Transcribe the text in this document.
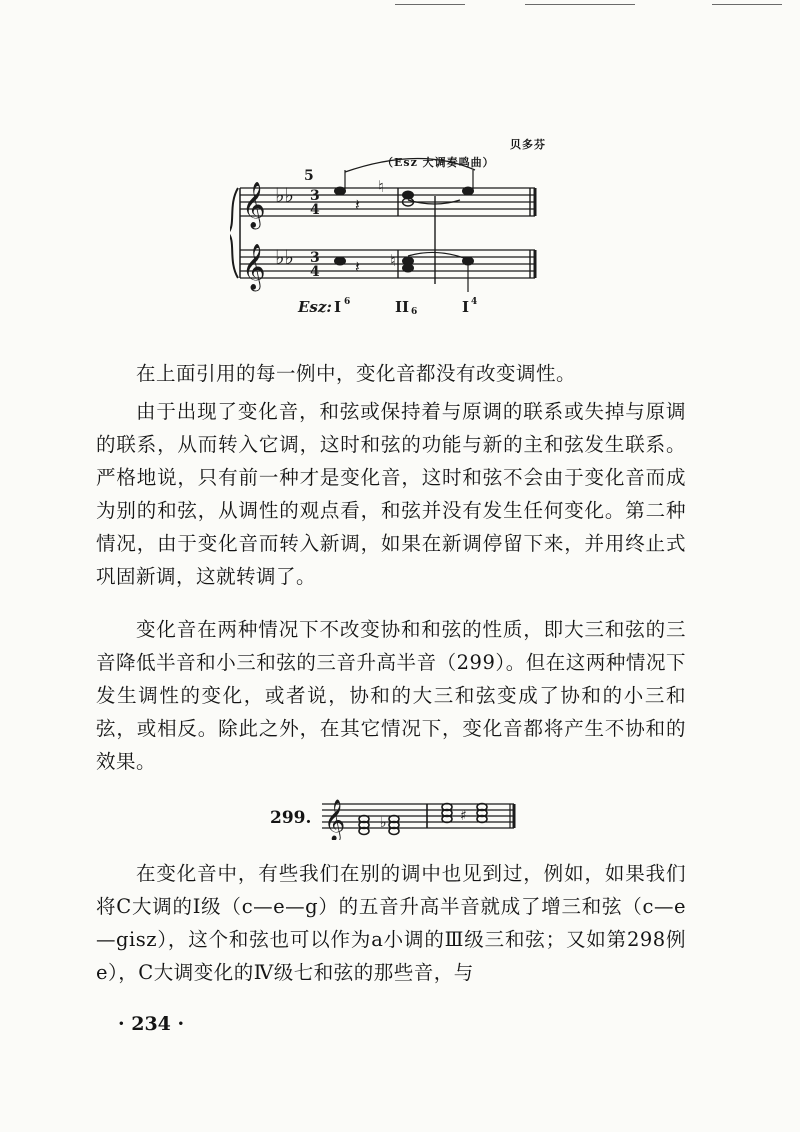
贝多芬
（Esz 大调奏鸣曲）
𝄞
𝄞
♭♭
♭♭
3
4
3
4
5
𝄽
♮
𝄽 ♮
Esz: I 6	II 6	I 4

在上面引用的每一例中，变化音都没有改变调性。

由于出现了变化音，和弦或保持着与原调的联系或失掉与原调的联系，从而转入它调，这时和弦的功能与新的主和弦发生联系。严格地说，只有前一种才是变化音，这时和弦不会由于变化音而成为别的和弦，从调性的观点看，和弦并没有发生任何变化。第二种情况，由于变化音而转入新调，如果在新调停留下来，并用终止式巩固新调，这就转调了。

变化音在两种情况下不改变协和和弦的性质，即大三和弦的三音降低半音和小三和弦的三音升高半音（299）。但在这两种情况下发生调性的变化，或者说，协和的大三和弦变成了协和的小三和弦，或相反。除此之外，在其它情况下，变化音都将产生不协和的效果。

299. 𝄞 ♭	♯

在变化音中，有些我们在别的调中也见到过，例如，如果我们将C大调的Ⅰ级（c—e—g）的五音升高半音就成了增三和弦（c—e—gisz），这个和弦也可以作为a小调的Ⅲ级三和弦；又如第298例e），C大调变化的Ⅳ级七和弦的那些音，与

· 234 ·
